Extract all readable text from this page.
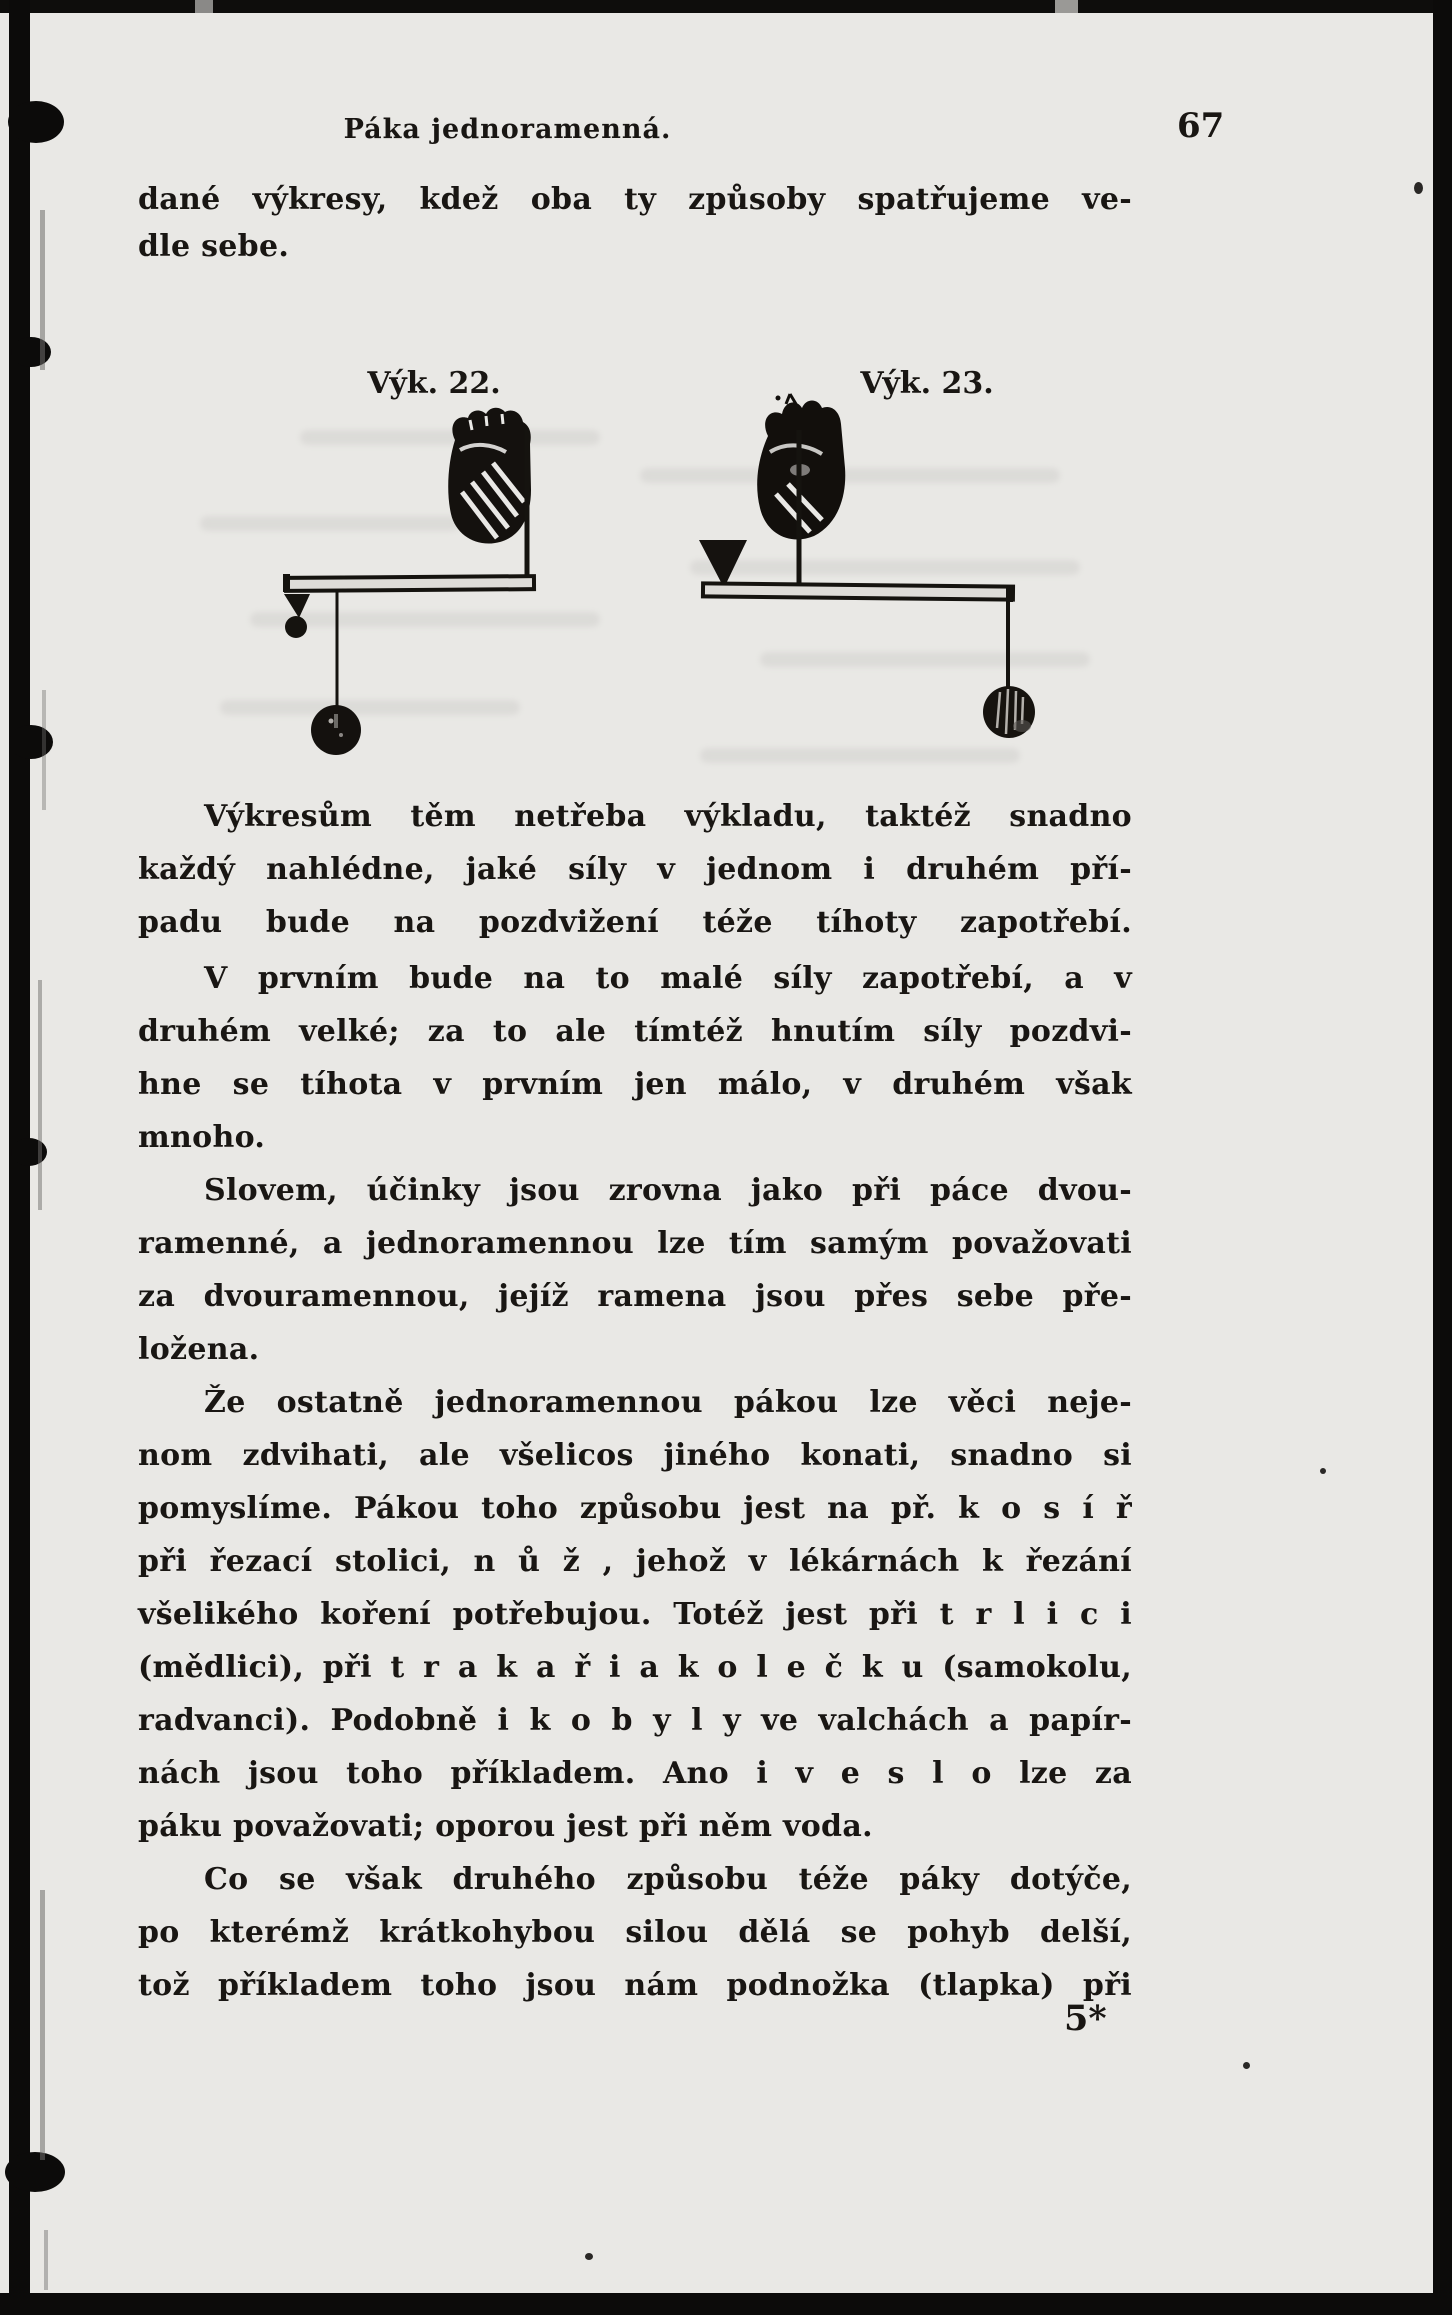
Páka jednoramenná.	67
dané výkresy, kdež oba ty způsoby spatřujeme ve-
dle sebe.
Výk. 22.	Výk. 23.
Výkresům těm netřeba výkladu, taktéž snadno
každý nahlédne, jaké síly v jednom i druhém pří-
padu bude na pozdvižení téže tíhoty zapotřebí.
V prvním bude na to malé síly zapotřebí, a v
druhém velké; za to ale tímtéž hnutím síly pozdvi-
hne se tíhota v prvním jen málo, v druhém však
mnoho.
Slovem, účinky jsou zrovna jako při páce dvou-
ramenné, a jednoramennou lze tím samým považovati
za dvouramennou, jejíž ramena jsou přes sebe pře-
ložena.
Že ostatně jednoramennou pákou lze věci neje-
nom zdvihati, ale všelicos jiného konati, snadno si
pomyslíme. Pákou toho způsobu jest na př. k o s í ř
při řezací stolici, n ů ž , jehož v lékárnách k řezání
všelikého koření potřebujou. Totéž jest při t r l i c i
(mědlici), při t r a k a ř i a k o l e č k u (samokolu,
radvanci). Podobně i k o b y l y ve valchách a papír-
nách jsou toho příkladem. Ano i v e s l o lze za
páku považovati; oporou jest při něm voda.
Co se však druhého způsobu téže páky dotýče,
po kterémž krátkohybou silou dělá se pohyb delší,
tož příkladem toho jsou nám podnožka (tlapka) při
5*
